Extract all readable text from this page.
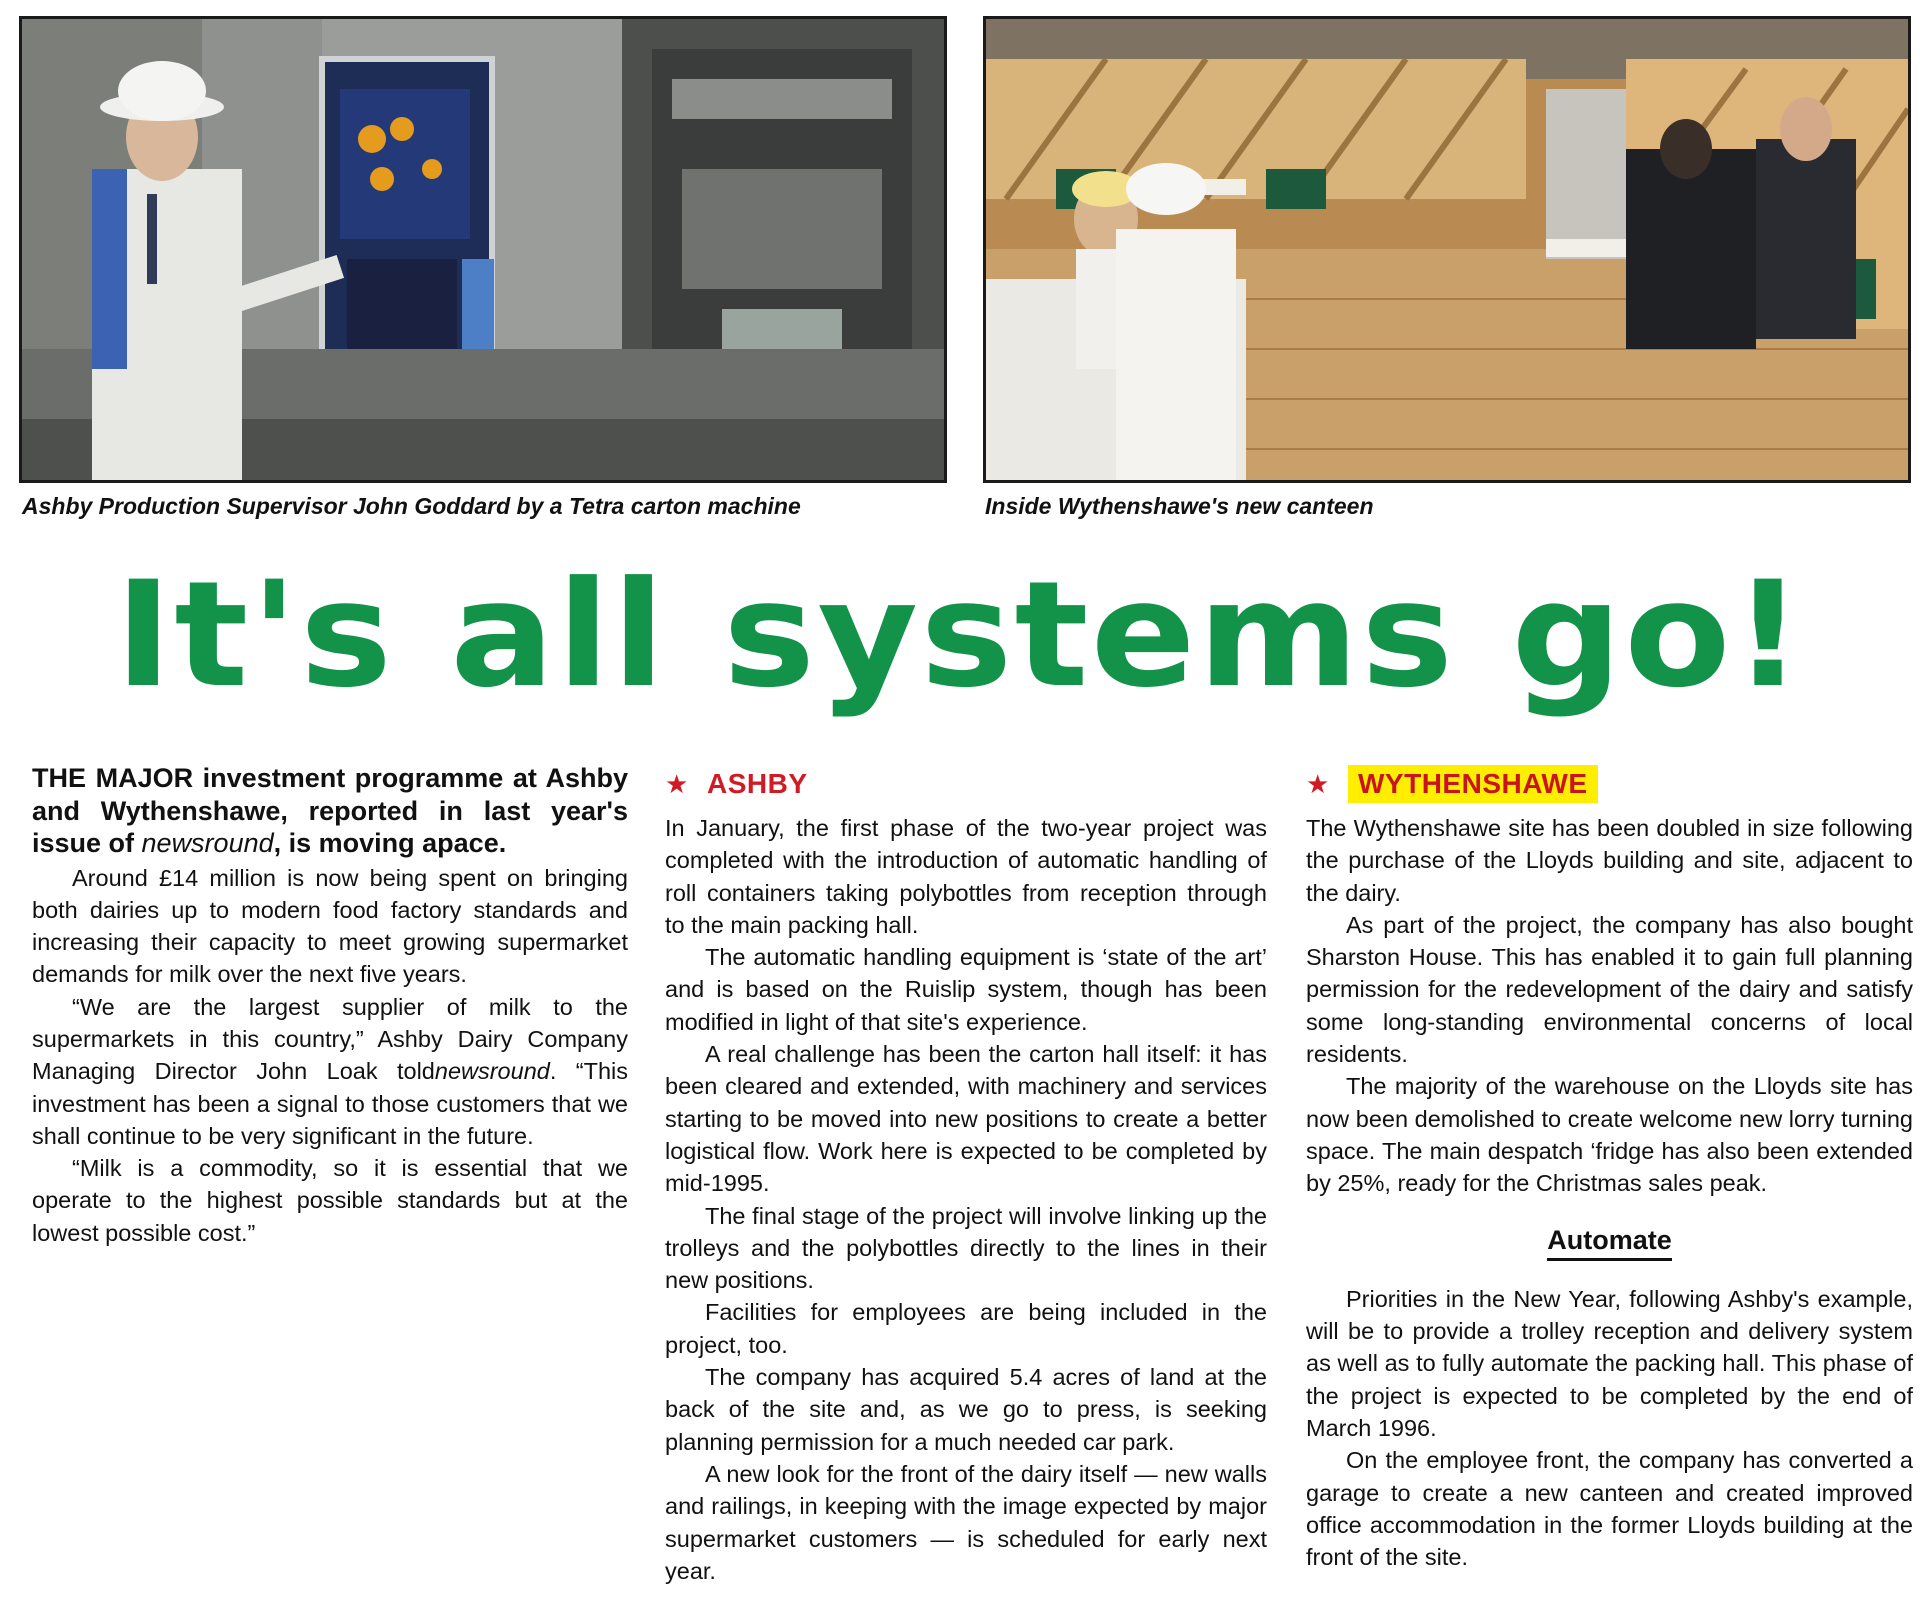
Ashby Production Supervisor John Goddard by a Tetra carton machine	Inside Wythenshawe's new canteen
It's all systems go!
THE MAJOR investment programme at Ashby and Wythenshawe, reported in last year's issue of newsround, is moving apace.

Around £14 million is now being spent on bringing both dairies up to modern food factory standards and increasing their capacity to meet growing supermarket demands for milk over the next five years.

“We are the largest supplier of milk to the supermarkets in this country,” Ashby Dairy Company Managing Director John Loak toldnewsround. “This investment has been a signal to those customers that we shall continue to be very significant in the future.

“Milk is a commodity, so it is essential that we operate to the highest possible standards but at the lowest possible cost.”

★ ASHBY

In January, the first phase of the two-year project was completed with the introduction of automatic handling of roll containers taking polybottles from reception through to the main packing hall.

The automatic handling equipment is ‘state of the art’ and is based on the Ruislip system, though has been modified in light of that site's experience.

A real challenge has been the carton hall itself: it has been cleared and extended, with machinery and services starting to be moved into new positions to create a better logistical flow. Work here is expected to be completed by mid-1995.

The final stage of the project will involve linking up the trolleys and the polybottles directly to the lines in their new positions.

Facilities for employees are being included in the project, too.

The company has acquired 5.4 acres of land at the back of the site and, as we go to press, is seeking planning permission for a much needed car park.

A new look for the front of the dairy itself — new walls and railings, in keeping with the image expected by major supermarket customers — is scheduled for early next year.

★	WYTHENSHAWE

The Wythenshawe site has been doubled in size following the purchase of the Lloyds building and site, adjacent to the dairy.

As part of the project, the company has also bought Sharston House. This has enabled it to gain full planning permission for the redevelopment of the dairy and satisfy some long-standing environmental concerns of local residents.

The majority of the warehouse on the Lloyds site has now been demolished to create welcome new lorry turning space. The main despatch ‘fridge has also been extended by 25%, ready for the Christmas sales peak.

Automate

Priorities in the New Year, following Ashby's example, will be to provide a trolley reception and delivery system as well as to fully automate the packing hall. This phase of the project is expected to be completed by the end of March 1996.

On the employee front, the company has converted a garage to create a new canteen and created improved office accommodation in the former Lloyds building at the front of the site.
